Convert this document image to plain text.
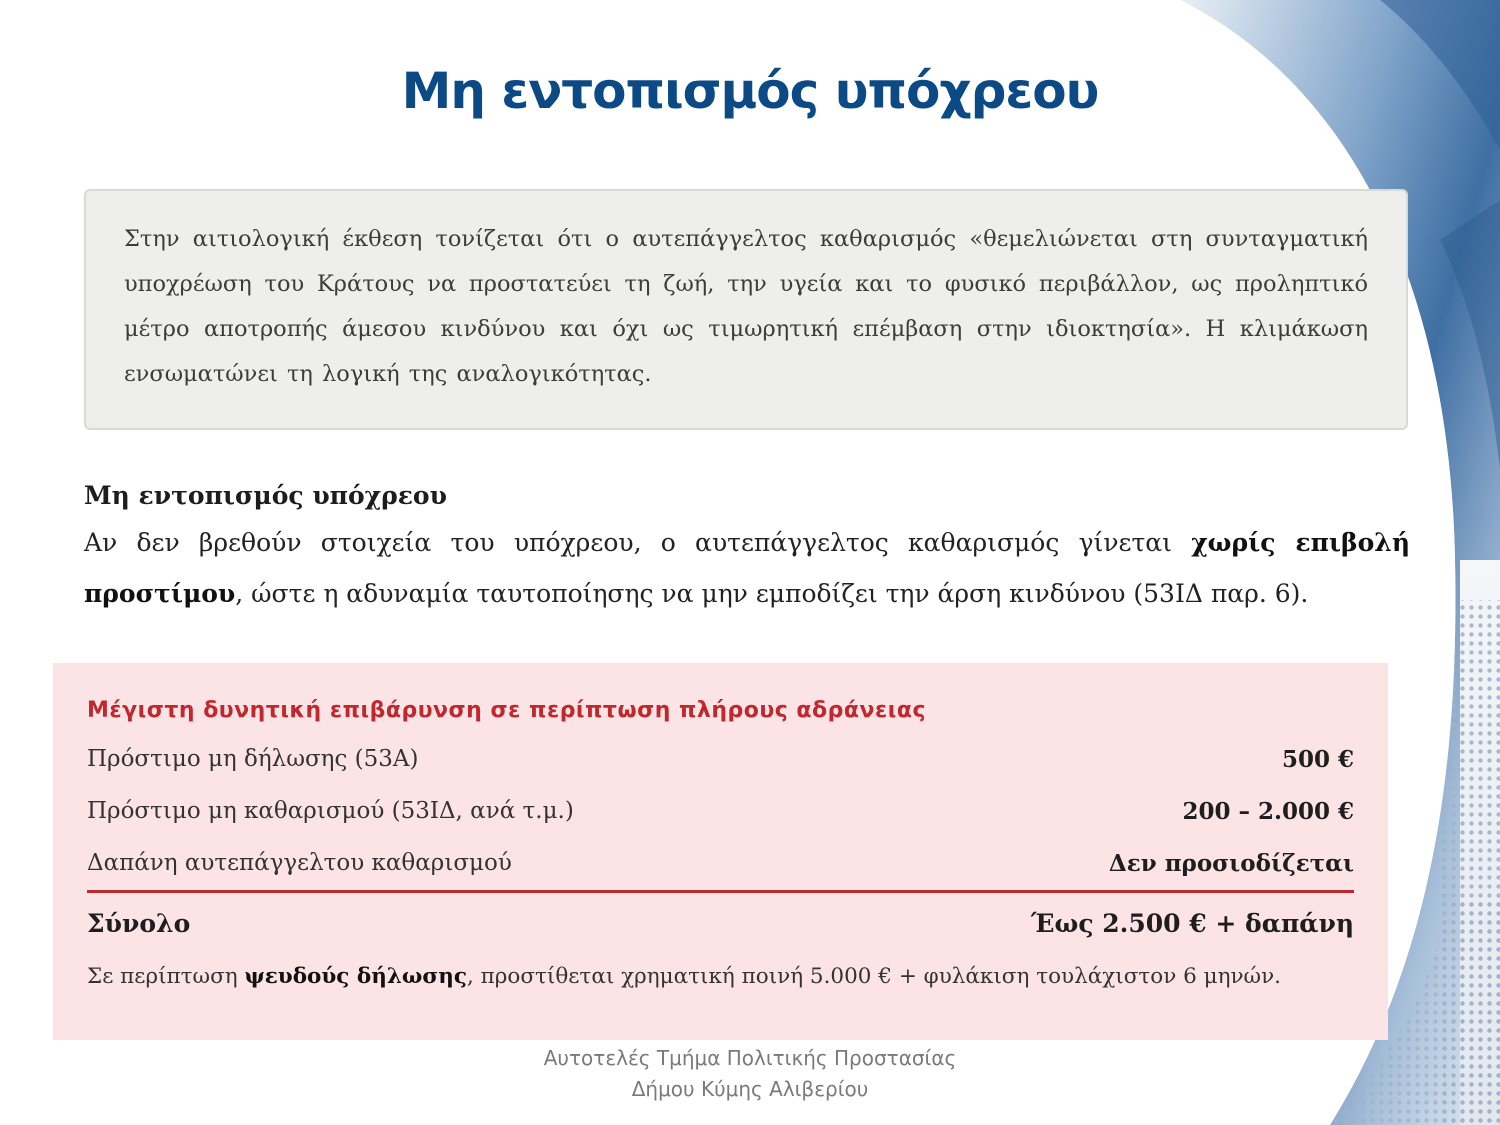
Μη εντοπισμός υπόχρεου

Στην αιτιολογική έκθεση τονίζεται ότι ο αυτεπάγγελτος καθαρισμός «θεμελιώνεται στη συνταγματική υποχρέωση του Κράτους να προστατεύει τη ζωή, την υγεία και το φυσικό περιβάλλον, ως προληπτικό μέτρο αποτροπής άμεσου κινδύνου και όχι ως τιμωρητική επέμβαση στην ιδιοκτησία». Η κλιμάκωση ενσωματώνει τη λογική της αναλογικότητας.

Μη εντοπισμός υπόχρεου

Αν δεν βρεθούν στοιχεία του υπόχρεου, ο αυτεπάγγελτος καθαρισμός γίνεται χωρίς επιβολή προστίμου, ώστε η αδυναμία ταυτοποίησης να μην εμποδίζει την άρση κινδύνου (53ΙΔ παρ. 6).

Μέγιστη δυνητική επιβάρυνση σε περίπτωση πλήρους αδράνειας
Πρόστιμο μη δήλωσης (53Α)	500 €
Πρόστιμο μη καθαρισμού (53ΙΔ, ανά τ.μ.)	200 – 2.000 €
Δαπάνη αυτεπάγγελτου καθαρισμού	Δεν προσιοδίζεται
Σύνολο	Έως 2.500 € + δαπάνη

Σε περίπτωση ψευδούς δήλωσης, προστίθεται χρηματική ποινή 5.000 € + φυλάκιση τουλάχιστον 6 μηνών.

Αυτοτελές Τμήμα Πολιτικής Προστασίας
Δήμου Κύμης Αλιβερίου
